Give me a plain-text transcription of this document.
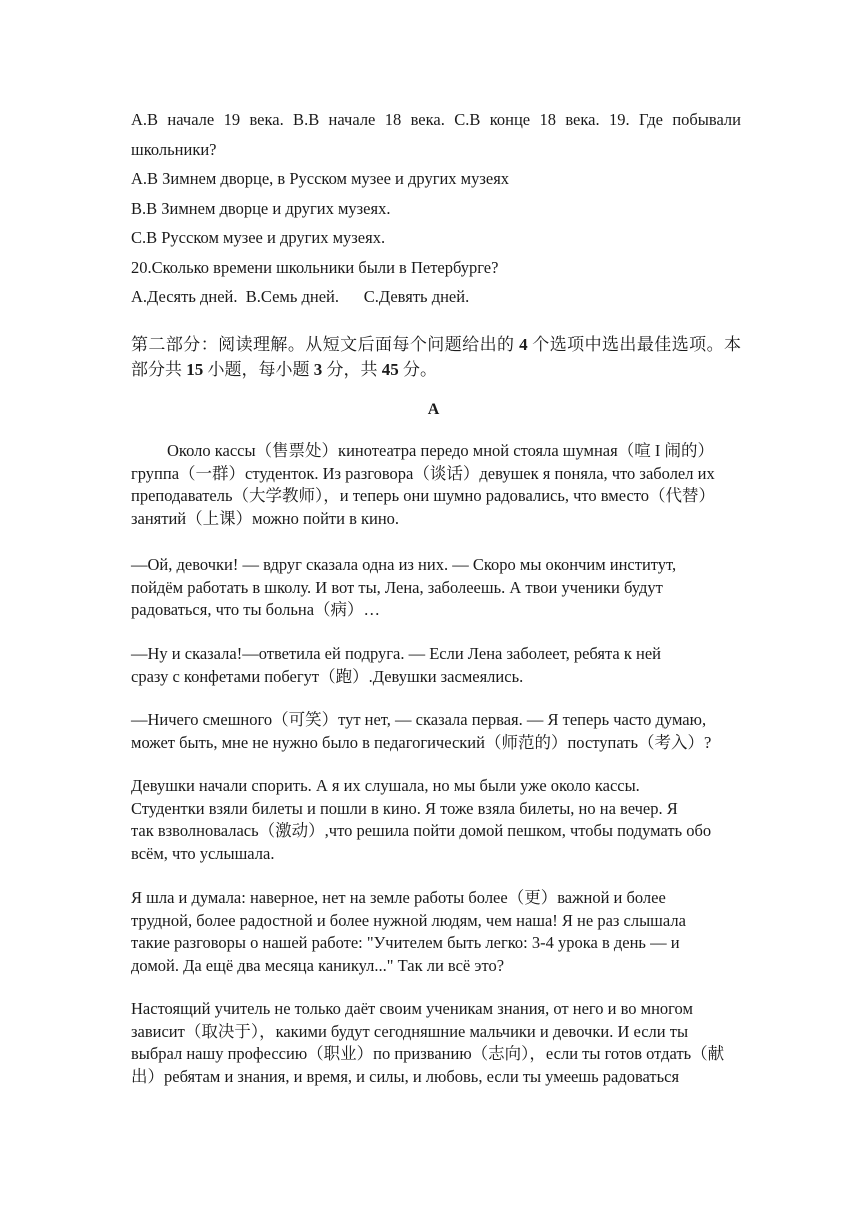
А.В начале 19 века. В.В начале 18 века. С.В конце 18 века. 19. Где побывали

школьники?

А.В Зимнем дворце, в Русском музее и других музеях

В.В Зимнем дворце и других музеях.

С.В Русском музее и других музеях.

20.Сколько времени школьники были в Петербурге?

А.Десять дней.  В.Семь дней.      С.Девять дней.

第二部分：阅读理解。从短文后面每个问题给出的 4 个选项中选出最佳选项。本

部分共 15 小题，每小题 3 分，共 45 分。

A
Около кассы（售票处）кинотеатра передо мной стояла шумная（喧 I 闹的）
группа（一群）студенток. Из разговора（谈话）девушек я поняла, что заболел их
преподаватель（大学教师），и теперь они шумно радовались, что вместо（代替）
занятий（上课）можно пойти в кино.
—Ой, девочки! — вдруг сказала одна из них. — Скоро мы окончим институт,
пойдём работать в школу. И вот ты, Лена, заболеешь. А твои ученики будут
радоваться, что ты больна（病）…
—Ну и сказала!—ответила ей подруга. — Если Лена заболеет, ребята к ней
сразу с конфетами побегут（跑）.Девушки засмеялись.
—Ничего смешного（可笑）тут нет, — сказала первая. — Я теперь часто думаю,
может быть, мне не нужно было в педагогический（师范的）поступать（考入）?
Девушки начали спорить. А я их слушала, но мы были уже около кассы.
Студентки взяли билеты и пошли в кино. Я тоже взяла билеты, но на вечер. Я
так взволновалась（激动）,что решила пойти домой пешком, чтобы подумать обо
всём, что услышала.
Я шла и думала: наверное, нет на земле работы более（更）важной и более
трудной, более радостной и более нужной людям, чем наша! Я не раз слышала
такие разговоры о нашей работе: "Учителем быть легко: 3-4 урока в день — и
домой. Да ещё два месяца каникул..." Так ли всё это?
Настоящий учитель не только даёт своим ученикам знания, от него и во многом
зависит（取决于），какими будут сегодняшние мальчики и девочки. И если ты
выбрал нашу профессию（职业）по призванию（志向），если ты готов отдать（献
出）ребятам и знания, и время, и силы, и любовь, если ты умеешь радоваться
